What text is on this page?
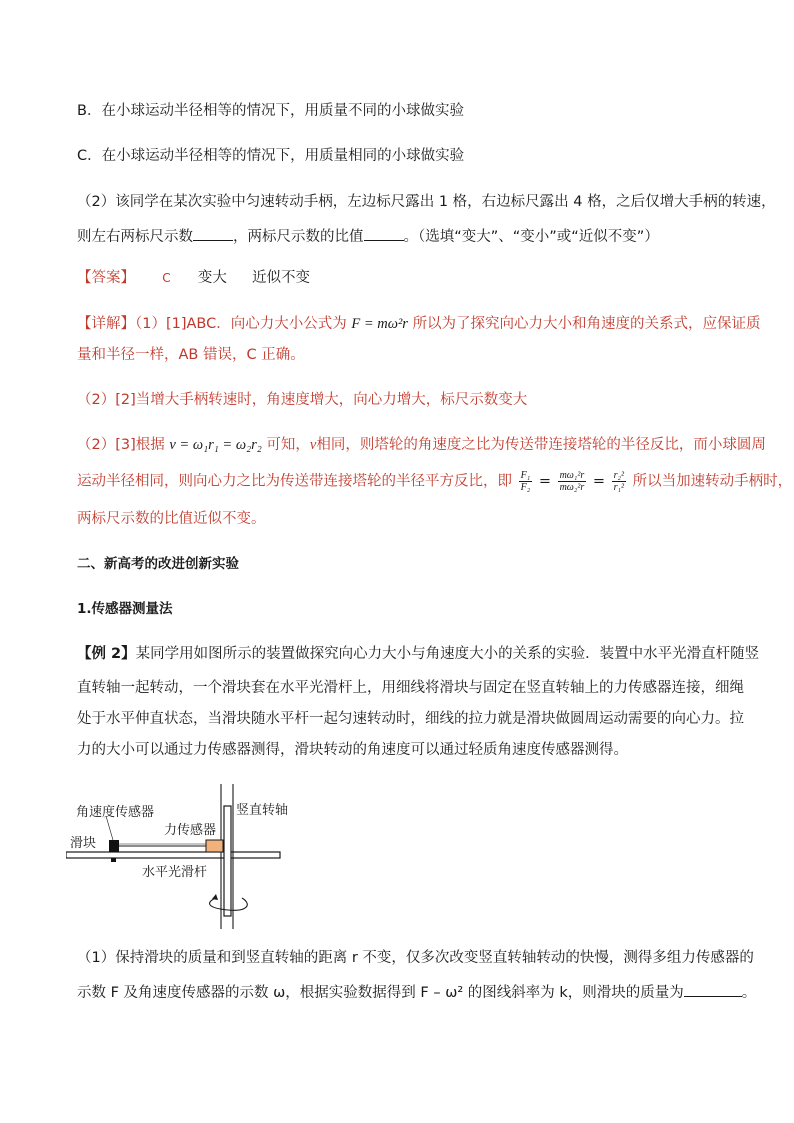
B．在小球运动半径相等的情况下，用质量不同的小球做实验
C．在小球运动半径相等的情况下，用质量相同的小球做实验
（2）该同学在某次实验中匀速转动手柄，左边标尺露出 1 格，右边标尺露出 4 格，之后仅增大手柄的转速，
则左右两标尺示数	，两标尺示数的比值	。（选填“变大”、“变小”或“近似不变”）
【答案】 C 变大 近似不变
【详解】（1）[1]ABC．向心力大小公式为 F = mω²r 所以为了探究向心力大小和角速度的关系式，应保证质
量和半径一样，AB 错误，C 正确。
（2）[2]当增大手柄转速时，角速度增大，向心力增大，标尺示数变大
（2）[3]根据 v = ω₁r₁ = ω₂r₂ 可知，v相同，则塔轮的角速度之比为传送带连接塔轮的半径反比，而小球圆周
运动半径相同，则向心力之比为传送带连接塔轮的半径平方反比，即 $\frac{\text{F₁}}{\text{F₂}} = \frac{\text{mω₁²r}}{\text{mω₂²r}} = \frac{\text{r₂²}}{\text{r₁²}}$ 所以当加速转动手柄时，
两标尺示数的比值近似不变。
二、新高考的改进创新实验
1.传感器测量法
【例 2】某同学用如图所示的装置做探究向心力大小与角速度大小的关系的实验．装置中水平光滑直杆随竖
直转轴一起转动，一个滑块套在水平光滑杆上，用细线将滑块与固定在竖直转轴上的力传感器连接，细绳
处于水平伸直状态，当滑块随水平杆一起匀速转动时，细线的拉力就是滑块做圆周运动需要的向心力。拉
力的大小可以通过力传感器测得，滑块转动的角速度可以通过轻质角速度传感器测得。
角速度传感器	竖直转轴
力传感器
滑块
水平光滑杆
（1）保持滑块的质量和到竖直转轴的距离 r 不变，仅多次改变竖直转轴转动的快慢，测得多组力传感器的
示数 F 及角速度传感器的示数 ω，根据实验数据得到 F – ω² 的图线斜率为 k，则滑块的质量为	。
